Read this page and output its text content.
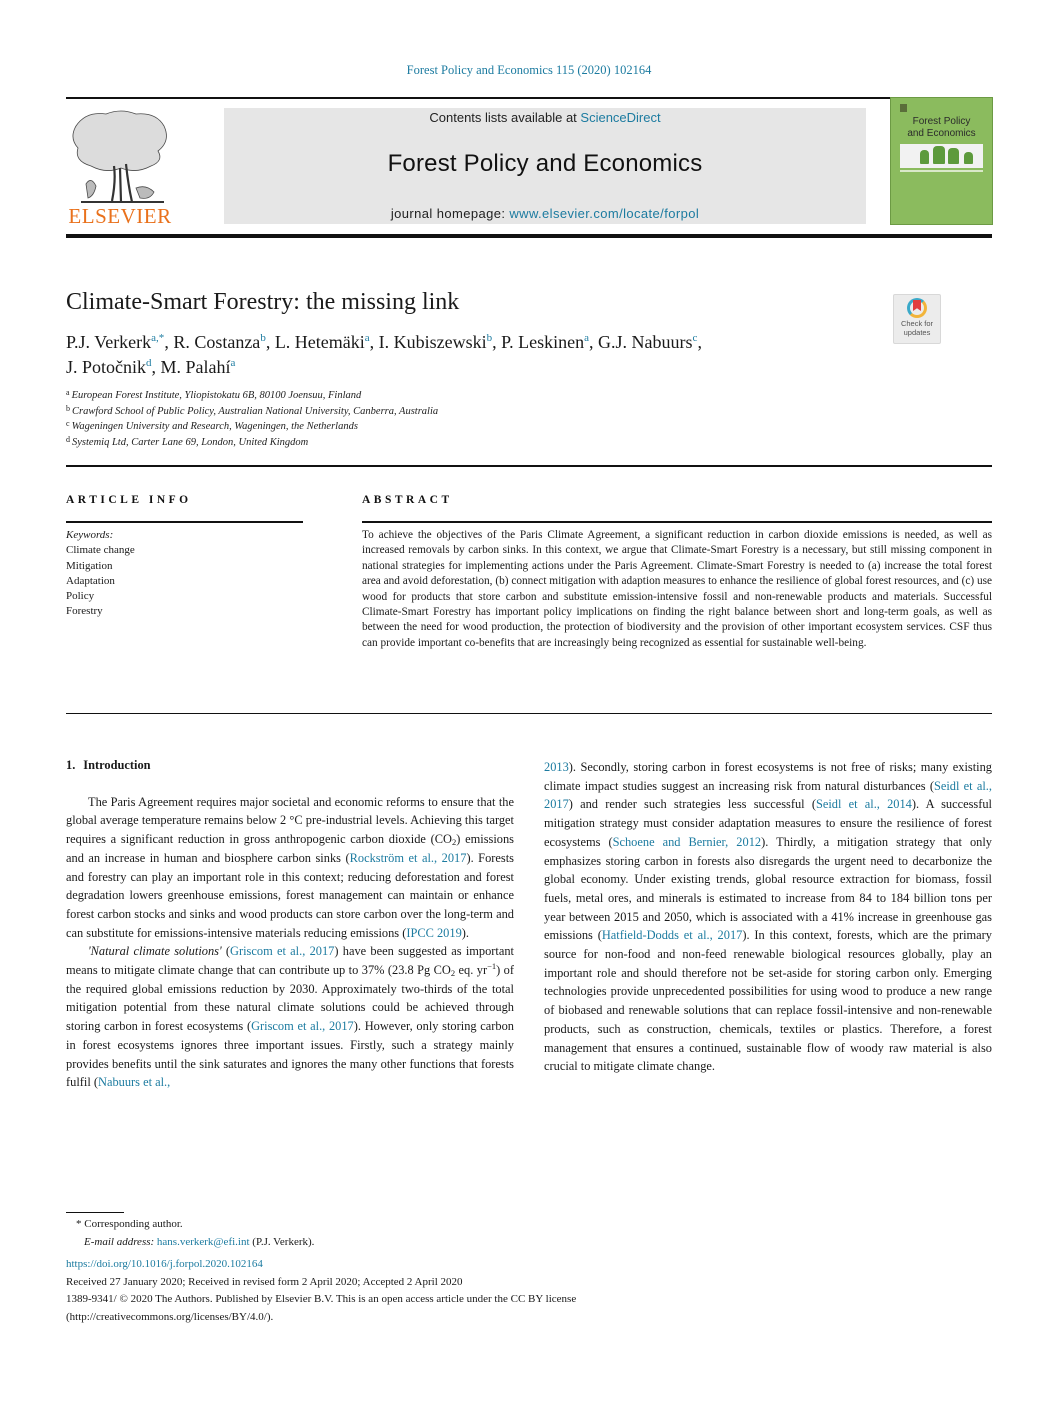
Forest Policy and Economics 115 (2020) 102164
ELSEVIER
Contents lists available at ScienceDirect
Forest Policy and Economics
journal homepage: www.elsevier.com/locate/forpol
Forest Policy
and Economics
Climate-Smart Forestry: the missing link
Check for
updates
P.J. Verkerk$^{a,*}$, R. Costanza$^b$, L. Hetemäki$^a$, I. Kubiszewski$^b$, P. Leskinen$^a$, G.J. Nabuurs$^c$,
J. Potočnik$^d$, M. Palahí$^a$
$^a$ European Forest Institute, Yliopistokatu 6B, 80100 Joensuu, Finland
$^b$ Crawford School of Public Policy, Australian National University, Canberra, Australia
$^c$ Wageningen University and Research, Wageningen, the Netherlands
$^d$ Systemiq Ltd, Carter Lane 69, London, United Kingdom
ARTICLE INFO
Keywords:
Climate change
Mitigation
Adaptation
Policy
Forestry
ABSTRACT
To achieve the objectives of the Paris Climate Agreement, a significant reduction in carbon dioxide emissions is needed, as well as increased removals by carbon sinks. In this context, we argue that Climate-Smart Forestry is a necessary, but still missing component in national strategies for implementing actions under the Paris Agreement. Climate-Smart Forestry is needed to (a) increase the total forest area and avoid deforestation, (b) connect mitigation with adaption measures to enhance the resilience of global forest resources, and (c) use wood for products that store carbon and substitute emission-intensive fossil and non-renewable products and materials. Successful Climate-Smart Forestry has important policy implications on finding the right balance between short and long-term goals, as well as between the need for wood production, the protection of biodiversity and the provision of other important ecosystem services. CSF thus can provide important co-benefits that are increasingly being recognized as essential for sustainable well-being.
1. Introduction

The Paris Agreement requires major societal and economic reforms to ensure that the global average temperature remains below 2 °C pre-industrial levels. Achieving this target requires a significant reduction in gross anthropogenic carbon dioxide $(CO_2)$ emissions and an increase in human and biosphere carbon sinks (Rockström et al., 2017). Forests and forestry can play an important role in this context; reducing deforestation and forest degradation lowers greenhouse emissions, forest management can maintain or enhance forest carbon stocks and sinks and wood products can store carbon over the long-term and can substitute for emissions-intensive materials reducing emissions (IPCC 2019).

'Natural climate solutions' (Griscom et al., 2017) have been suggested as important means to mitigate climate change that can contribute up to 37% (23.8 Pg $CO_2$ eq. $yr^{-1}$) of the required global emissions reduction by 2030. Approximately two-thirds of the total mitigation potential from these natural climate solutions could be achieved through storing carbon in forest ecosystems (Griscom et al., 2017). However, only storing carbon in forest ecosystems ignores three important issues. Firstly, such a strategy mainly provides benefits until the sink saturates and ignores the many other functions that forests fulfil (Nabuurs et al.,

2013). Secondly, storing carbon in forest ecosystems is not free of risks; many existing climate impact studies suggest an increasing risk from natural disturbances (Seidl et al., 2017) and render such strategies less successful (Seidl et al., 2014). A successful mitigation strategy must consider adaptation measures to ensure the resilience of forest ecosystems (Schoene and Bernier, 2012). Thirdly, a mitigation strategy that only emphasizes storing carbon in forests also disregards the urgent need to decarbonize the global economy. Under existing trends, global resource extraction for biomass, fossil fuels, metal ores, and minerals is estimated to increase from 84 to 184 billion tons per year between 2015 and 2050, which is associated with a 41% increase in greenhouse gas emissions (Hatfield-Dodds et al., 2017). In this context, forests, which are the primary source for non-food and non-feed renewable biological resources globally, play an important role and should therefore not be set-aside for storing carbon only. Emerging technologies provide unprecedented possibilities for using wood to produce a new range of biobased and renewable solutions that can replace fossil-intensive and non-renewable products, such as construction, chemicals, textiles or plastics. Therefore, a forest management that ensures a continued, sustainable flow of woody raw material is also crucial to mitigate climate change.

* Corresponding author.
E-mail address: hans.verkerk@efi.int (P.J. Verkerk).
https://doi.org/10.1016/j.forpol.2020.102164
Received 27 January 2020; Received in revised form 2 April 2020; Accepted 2 April 2020
1389-9341/ © 2020 The Authors. Published by Elsevier B.V. This is an open access article under the CC BY license
(http://creativecommons.org/licenses/BY/4.0/).
